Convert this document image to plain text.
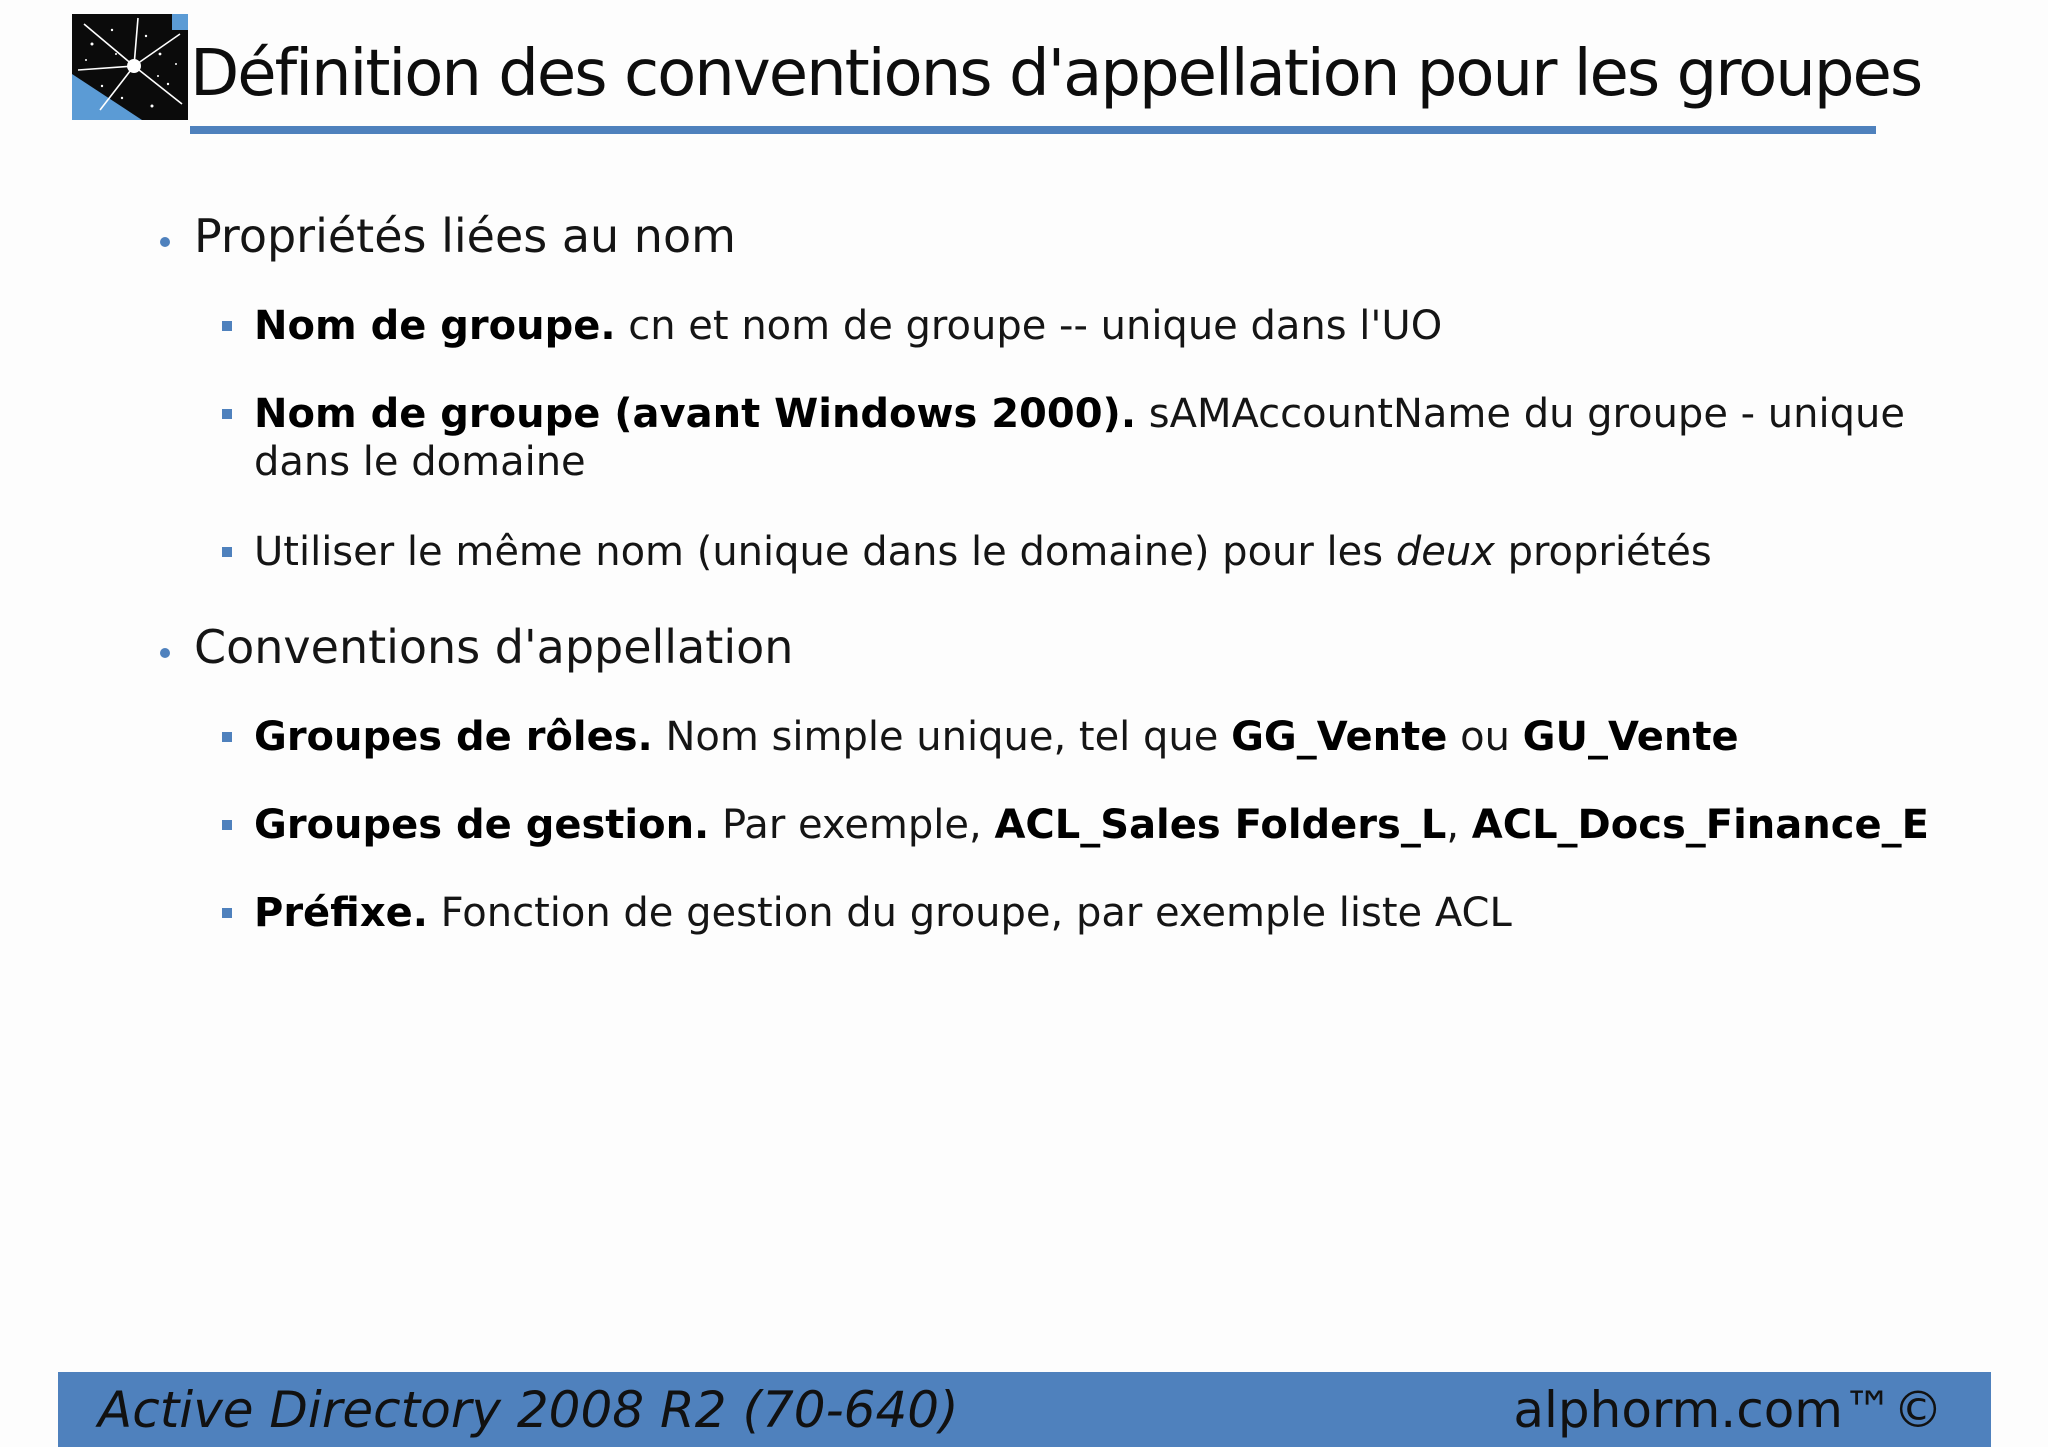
Définition des conventions d'appellation pour les groupes
Propriétés liées au nom
Nom de groupe. cn et nom de groupe -- unique dans l'UO
Nom de groupe (avant Windows 2000). sAMAccountName du groupe - unique dans le domaine
Utiliser le même nom (unique dans le domaine) pour les deux propriétés
Conventions d'appellation
Groupes de rôles. Nom simple unique, tel que GG_Vente ou GU_Vente
Groupes de gestion. Par exemple, ACL_Sales Folders_L, ACL_Docs_Finance_E
Préfixe. Fonction de gestion du groupe, par exemple liste ACL
Active Directory 2008 R2 (70-640)	alphorm.com™©
